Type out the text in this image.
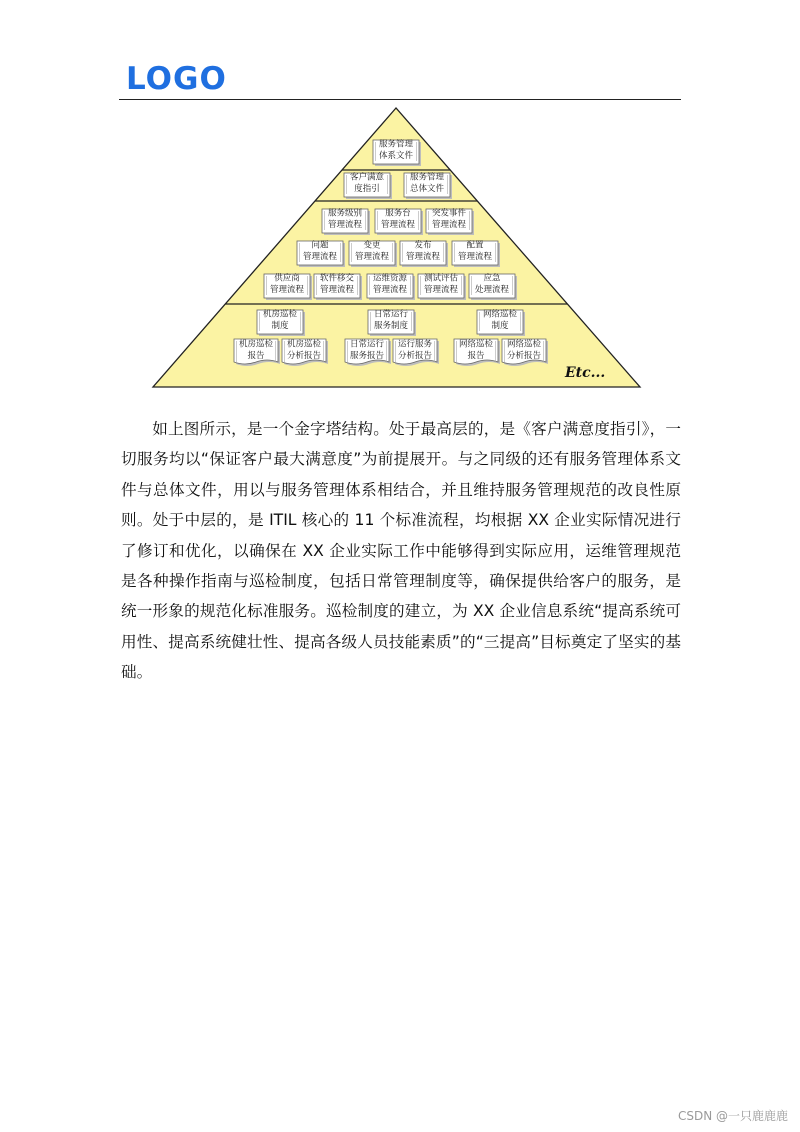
LOGO
服务管理
体系文件
客户满意
度指引
服务管理
总体文件
服务级别
管理流程
服务台
管理流程
突发事件
管理流程
问题
管理流程
变更
管理流程
发布
管理流程
配置
管理流程
供应商
管理流程
软件移交
管理流程
运维资源
管理流程
测试评估
管理流程
应急
处理流程
机房巡检
制度
机房巡检
报告
机房巡检
分析报告
日常运行
服务制度
日常运行
服务报告
运行服务
分析报告
网络巡检
制度
网络巡检
报告
网络巡检
分析报告
Etc...

如上图所示，是一个金字塔结构。处于最高层的，是《客户满意度指引》，一切服务均以“保证客户最大满意度”为前提展开。与之同级的还有服务管理体系文件与总体文件，用以与服务管理体系相结合，并且维持服务管理规范的改良性原则。处于中层的，是 ITIL 核心的 11 个标准流程，均根据 XX 企业实际情况进行了修订和优化，以确保在 XX 企业实际工作中能够得到实际应用，运维管理规范是各种操作指南与巡检制度，包括日常管理制度等，确保提供给客户的服务，是统一形象的规范化标准服务。巡检制度的建立，为 XX 企业信息系统“提高系统可用性、提高系统健壮性、提高各级人员技能素质”的“三提高”目标奠定了坚实的基础。

CSDN @一只鹿鹿鹿
